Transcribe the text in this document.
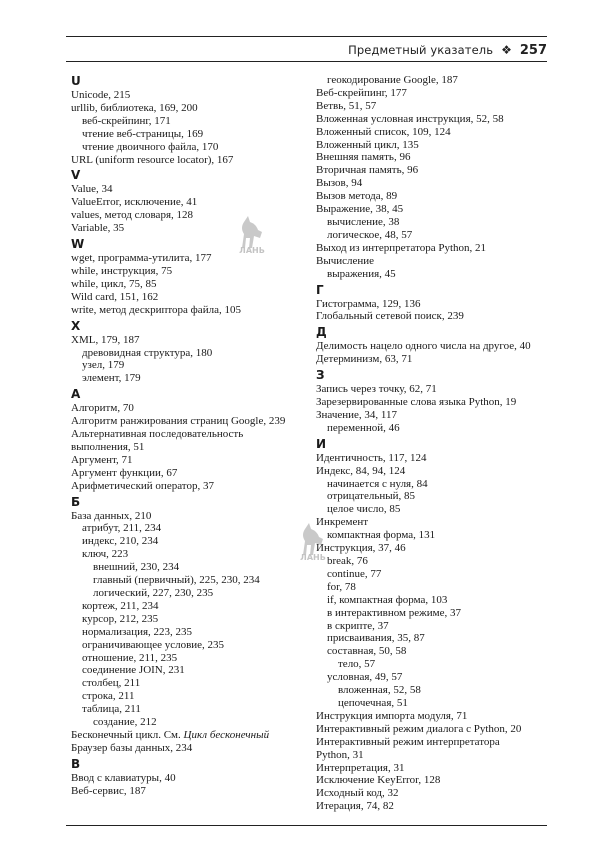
Предметный указатель ❖ 257
U
Unicode, 215
urllib, библиотека, 169, 200
веб-скрейпинг, 171
чтение веб-страницы, 169
чтение двоичного файла, 170
URL (uniform resource locator), 167
V
Value, 34
ValueError, исключение, 41
values, метод словаря, 128
Variable, 35
W
wget, программа-утилита, 177
while, инструкция, 75
while, цикл, 75, 85
Wild card, 151, 162
write, метод дескриптора файла, 105
X
XML, 179, 187
древовидная структура, 180
узел, 179
элемент, 179
А
Алгоритм, 70
Алгоритм ранжирования страниц Google, 239
Альтернативная последовательность
выполнения, 51
Аргумент, 71
Аргумент функции, 67
Арифметический оператор, 37
Б
База данных, 210
атрибут, 211, 234
индекс, 210, 234
ключ, 223
внешний, 230, 234
главный (первичный), 225, 230, 234
логический, 227, 230, 235
кортеж, 211, 234
курсор, 212, 235
нормализация, 223, 235
ограничивающее условие, 235
отношение, 211, 235
соединение JOIN, 231
столбец, 211
строка, 211
таблица, 211
создание, 212
Бесконечный цикл. См. Цикл бесконечный
Браузер базы данных, 234
В
Ввод с клавиатуры, 40
Веб-сервис, 187
геокодирование Google, 187
Веб-скрейпинг, 177
Ветвь, 51, 57
Вложенная условная инструкция, 52, 58
Вложенный список, 109, 124
Вложенный цикл, 135
Внешняя память, 96
Вторичная память, 96
Вызов, 94
Вызов метода, 89
Выражение, 38, 45
вычисление, 38
логическое, 48, 57
Выход из интерпретатора Python, 21
Вычисление
выражения, 45
Г
Гистограмма, 129, 136
Глобальный сетевой поиск, 239
Д
Делимость нацело одного числа на другое, 40
Детерминизм, 63, 71
З
Запись через точку, 62, 71
Зарезервированные слова языка Python, 19
Значение, 34, 117
переменной, 46
И
Идентичность, 117, 124
Индекс, 84, 94, 124
начинается с нуля, 84
отрицательный, 85
целое число, 85
Инкремент
компактная форма, 131
Инструкция, 37, 46
break, 76
continue, 77
for, 78
if, компактная форма, 103
в интерактивном режиме, 37
в скрипте, 37
присваивания, 35, 87
составная, 50, 58
тело, 57
условная, 49, 57
вложенная, 52, 58
цепочечная, 51
Инструкция импорта модуля, 71
Интерактивный режим диалога с Python, 20
Интерактивный режим интерпретатора
Python, 31
Интерпретация, 31
Исключение KeyError, 128
Исходный код, 32
Итерация, 74, 82
ЛАНЬ
ЛАНЬ
